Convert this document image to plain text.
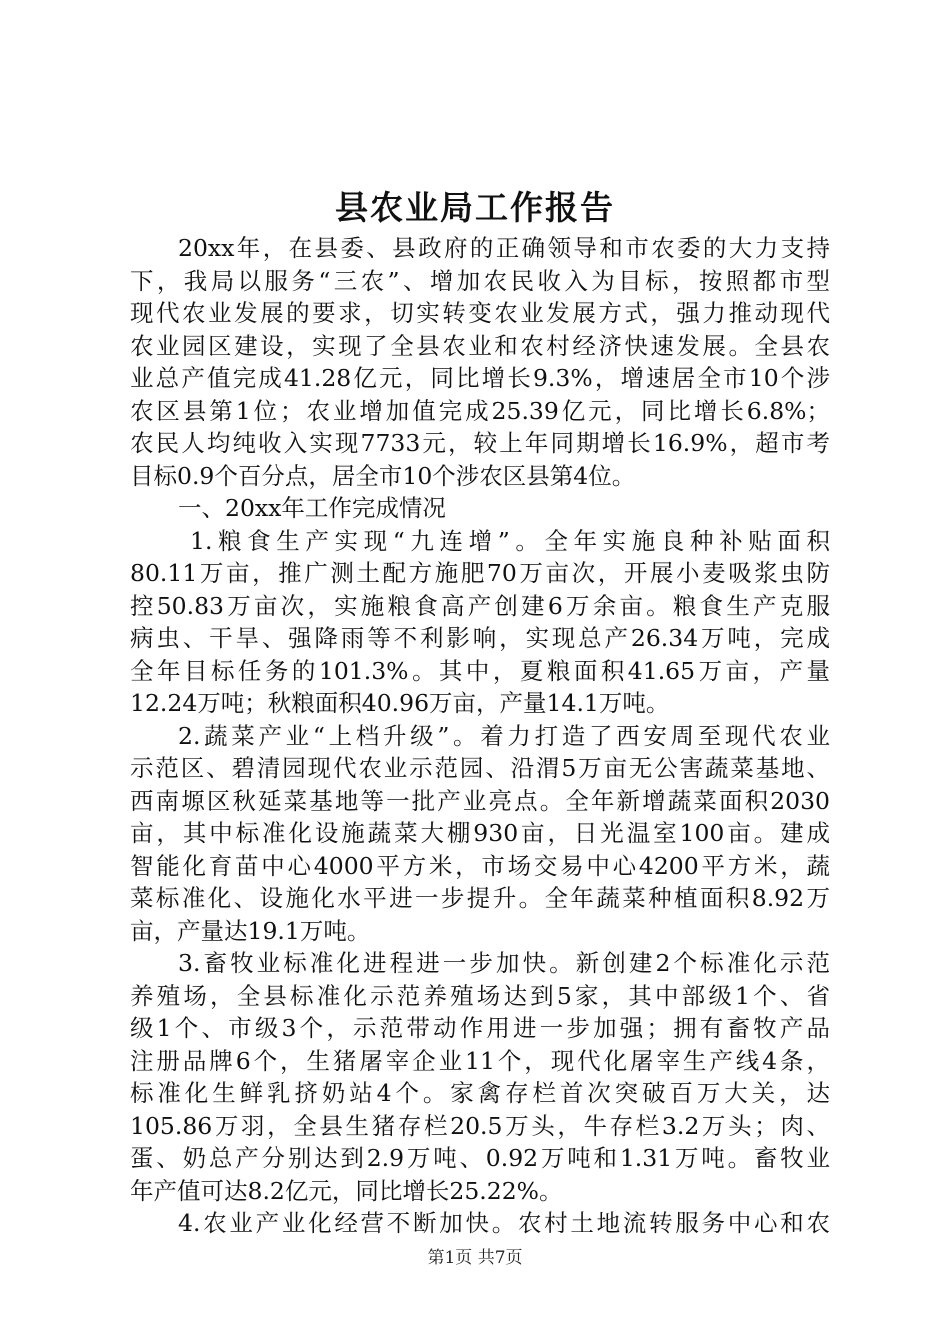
县农业局工作报告
20xx年，在县委、县政府的正确领导和市农委的大力支持
下，我局以服务“三农”、增加农民收入为目标，按照都市型
现代农业发展的要求，切实转变农业发展方式，强力推动现代
农业园区建设，实现了全县农业和农村经济快速发展。全县农
业总产值完成41.28亿元，同比增长9.3%，增速居全市10个涉
农区县第1位；农业增加值完成25.39亿元，同比增长6.8%；
农民人均纯收入实现7733元，较上年同期增长16.9%，超市考
目标0.9个百分点，居全市10个涉农区县第4位。
一、20xx年工作完成情况
1.粮食生产实现“九连增”。全年实施良种补贴面积
80.11万亩，推广测土配方施肥70万亩次，开展小麦吸浆虫防
控50.83万亩次，实施粮食高产创建6万余亩。粮食生产克服
病虫、干旱、强降雨等不利影响，实现总产26.34万吨，完成
全年目标任务的101.3%。其中，夏粮面积41.65万亩，产量
12.24万吨；秋粮面积40.96万亩，产量14.1万吨。
2.蔬菜产业“上档升级”。着力打造了西安周至现代农业
示范区、碧清园现代农业示范园、沿渭5万亩无公害蔬菜基地、
西南塬区秋延菜基地等一批产业亮点。全年新增蔬菜面积2030
亩，其中标准化设施蔬菜大棚930亩，日光温室100亩。建成
智能化育苗中心4000平方米，市场交易中心4200平方米，蔬
菜标准化、设施化水平进一步提升。全年蔬菜种植面积8.92万
亩，产量达19.1万吨。
3.畜牧业标准化进程进一步加快。新创建2个标准化示范
养殖场，全县标准化示范养殖场达到5家，其中部级1个、省
级1个、市级3个，示范带动作用进一步加强；拥有畜牧产品
注册品牌6个，生猪屠宰企业11个，现代化屠宰生产线4条，
标准化生鲜乳挤奶站4个。家禽存栏首次突破百万大关，达
105.86万羽，全县生猪存栏20.5万头，牛存栏3.2万头；肉、
蛋、奶总产分别达到2.9万吨、0.92万吨和1.31万吨。畜牧业
年产值可达8.2亿元，同比增长25.22%。
4.农业产业化经营不断加快。农村土地流转服务中心和农
第1页 共7页
